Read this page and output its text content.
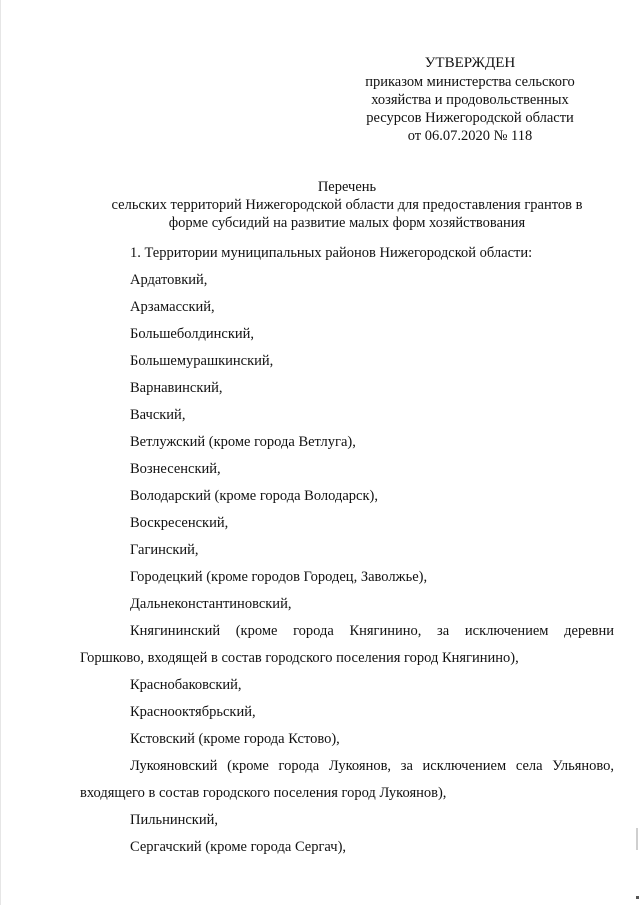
УТВЕРЖДЕН
приказом министерства сельского
хозяйства и продовольственных
ресурсов Нижегородской области
от 06.07.2020 № 118
Перечень
сельских территорий Нижегородской области для предоставления грантов в
форме субсидий на развитие малых форм хозяйствования
1. Территории муниципальных районов Нижегородской области:
Ардатовкий,
Арзамасский,
Большеболдинский,
Большемурашкинский,
Варнавинский,
Вачский,
Ветлужский (кроме города Ветлуга),
Вознесенский,
Володарский (кроме города Володарск),
Воскресенский,
Гагинский,
Городецкий (кроме городов Городец, Заволжье),
Дальнеконстантиновский,
Княгининский (кроме города Княгинино, за исключением деревни
Горшково, входящей в состав городского поселения город Княгинино),
Краснобаковский,
Краснооктябрьский,
Кстовский (кроме города Кстово),
Лукояновский (кроме города Лукоянов, за исключением села Ульяново,
входящего в состав городского поселения город Лукоянов),
Пильнинский,
Сергачский (кроме города Сергач),
